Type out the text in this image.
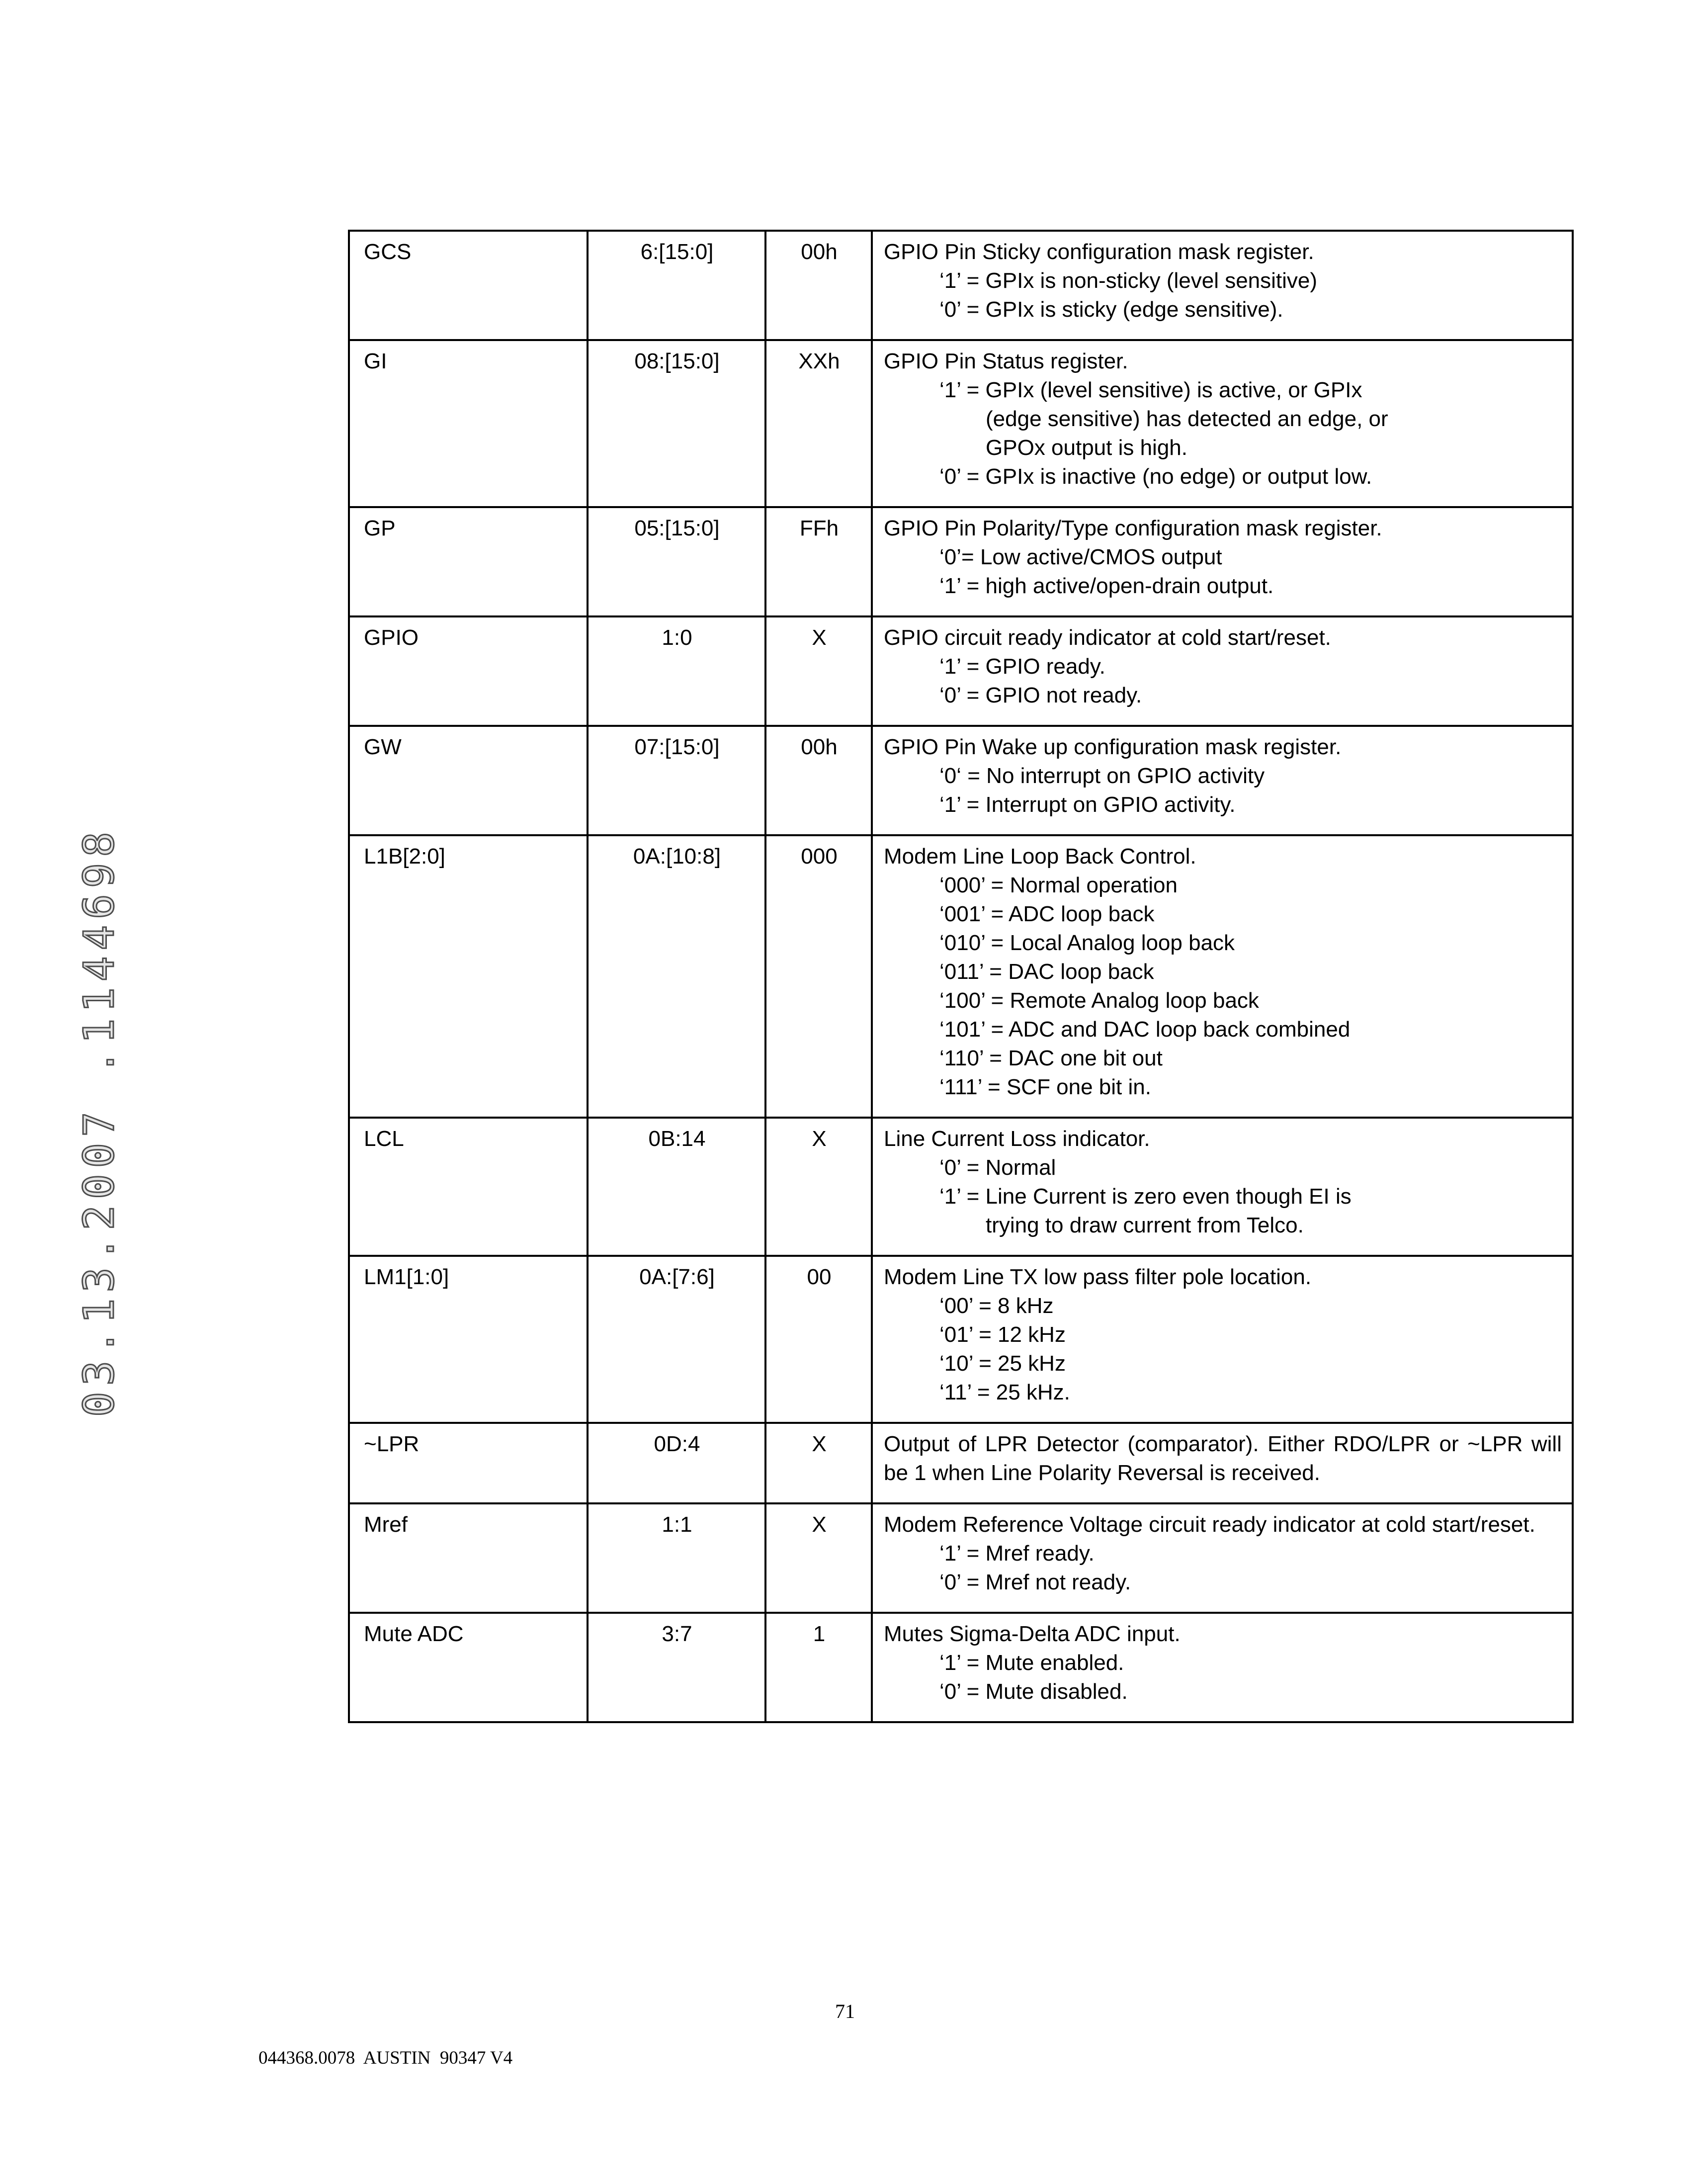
03.13.2007 .1144698
GCS	6:[15:0]	00h	GPIO Pin Sticky configuration mask register.
‘1’ = GPIx is non-sticky (level sensitive)
‘0’ = GPIx is sticky (edge sensitive).

GI	08:[15:0]	XXh	GPIO Pin Status register.
‘1’ = GPIx (level sensitive) is active, or GPIx
(edge sensitive) has detected an edge, or
GPOx output is high.
‘0’ = GPIx is inactive (no edge) or output low.

GP	05:[15:0]	FFh	GPIO Pin Polarity/Type configuration mask register.
‘0’= Low active/CMOS output
‘1’ = high active/open-drain output.

GPIO	1:0	X	GPIO circuit ready indicator at cold start/reset.
‘1’ = GPIO ready.
‘0’ = GPIO not ready.

GW	07:[15:0]	00h	GPIO Pin Wake up configuration mask register.
‘0‘ = No interrupt on GPIO activity
‘1’ = Interrupt on GPIO activity.

L1B[2:0]	0A:[10:8]	000	Modem Line Loop Back Control.
‘000’ = Normal operation
‘001’ = ADC loop back
‘010’ = Local Analog loop back
‘011’ = DAC loop back
‘100’ = Remote Analog loop back
‘101’ = ADC and DAC loop back combined
‘110’ = DAC one bit out
‘111’ = SCF one bit in.

LCL	0B:14	X	Line Current Loss indicator.
‘0’ = Normal
‘1’ = Line Current is zero even though EI is
trying to draw current from Telco.

LM1[1:0]	0A:[7:6]	00	Modem Line TX low pass filter pole location.
‘00’ = 8 kHz
‘01’ = 12 kHz
‘10’ = 25 kHz
‘11’ = 25 kHz.

~LPR	0D:4	X	Output of LPR Detector (comparator). Either RDO/LPR or ~LPR will be 1 when Line Polarity Reversal is received.

Mref	1:1	X	Modem Reference Voltage circuit ready indicator at cold start/reset.
‘1’ = Mref ready.
‘0’ = Mref not ready.

Mute ADC	3:7	1	Mutes Sigma-Delta ADC input.
‘1’ = Mute enabled.
‘0’ = Mute disabled.
71
044368.0078  AUSTIN  90347 V4
